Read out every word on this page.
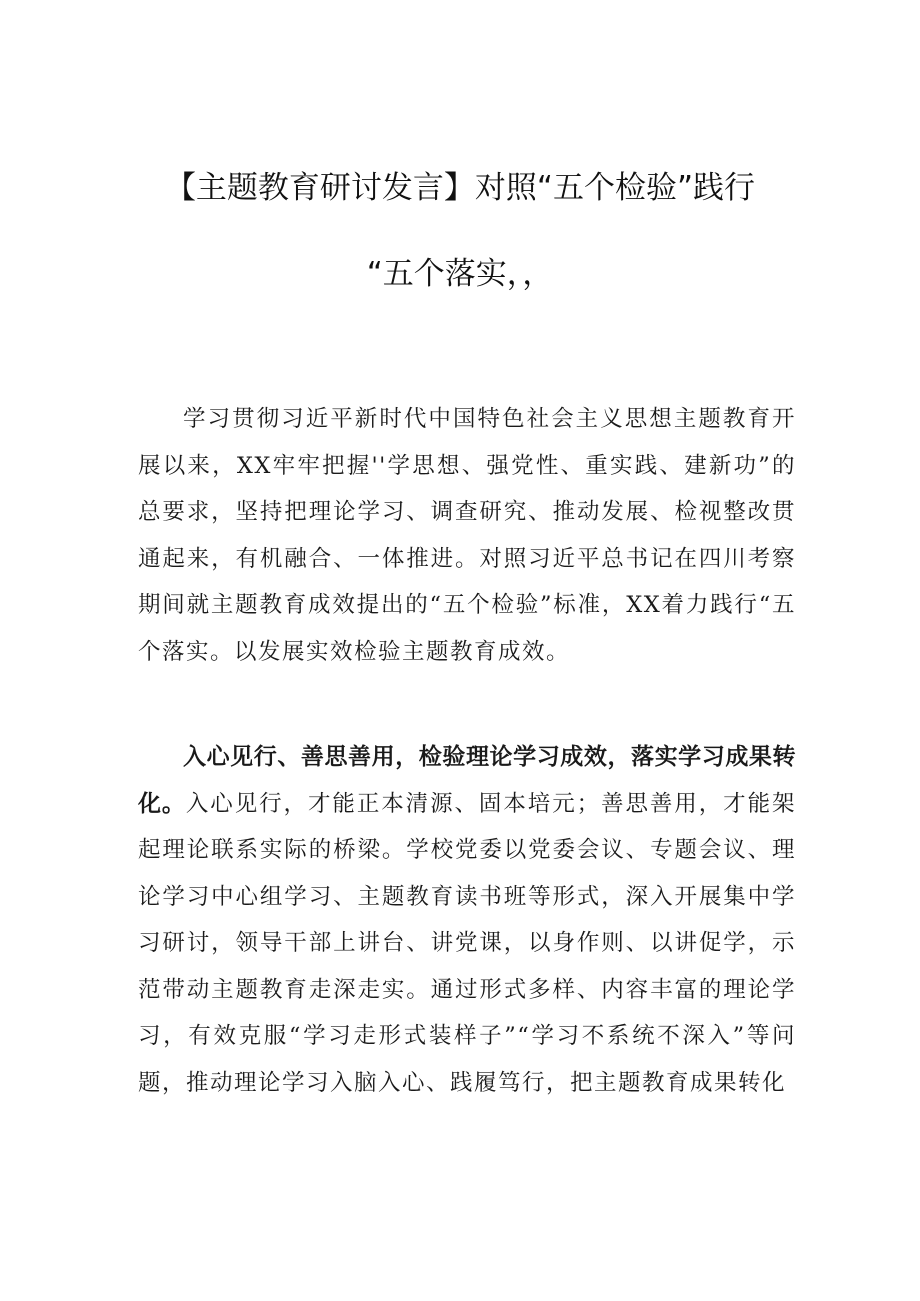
【主题教育研讨发言】对照“五个检验”践行
“五个落实，，

学习贯彻习近平新时代中国特色社会主义思想主题教育开展以来，XX牢牢把握''学思想、强党性、重实践、建新功”的总要求，坚持把理论学习、调查研究、推动发展、检视整改贯通起来，有机融合、一体推进。对照习近平总书记在四川考察期间就主题教育成效提出的“五个检验”标准，XX着力践行“五个落实。以发展实效检验主题教育成效。

入心见行、善思善用，检验理论学习成效，落实学习成果转化。入心见行，才能正本清源、固本培元；善思善用，才能架起理论联系实际的桥梁。学校党委以党委会议、专题会议、理论学习中心组学习、主题教育读书班等形式，深入开展集中学习研讨，领导干部上讲台、讲党课，以身作则、以讲促学，示范带动主题教育走深走实。通过形式多样、内容丰富的理论学习，有效克服“学习走形式装样子”“学习不系统不深入”等问题，推动理论学习入脑入心、践履笃行，把主题教育成果转化
